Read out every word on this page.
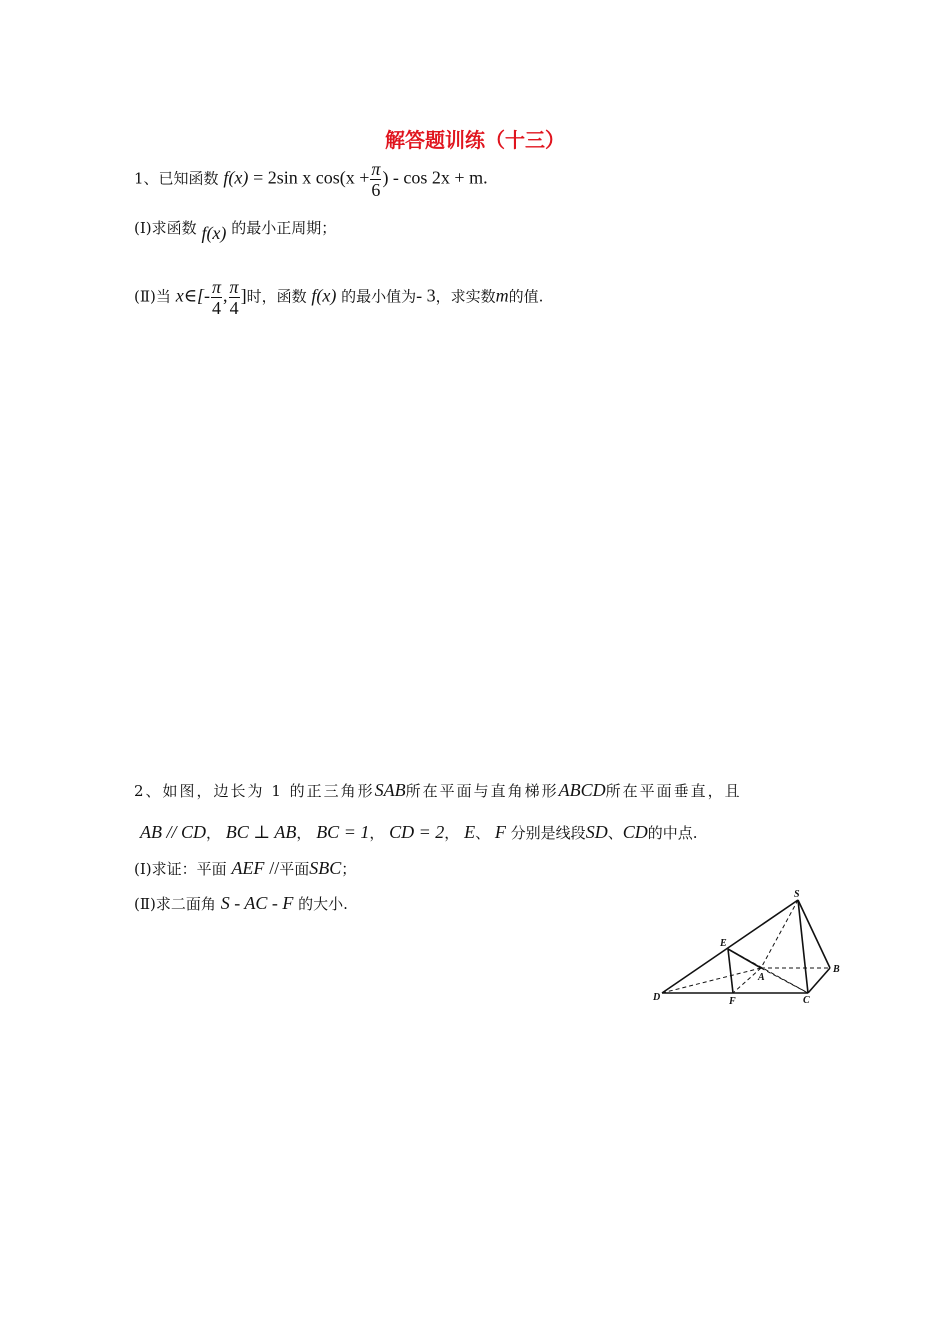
解答题训练（十三）
1、已知函数 f(x) = 2sin x $\cos(x + \frac{\pi}{6}$ ) - cos 2x + m.
(Ⅰ)求函数 f(x) 的最小正周期；
(Ⅱ)当 x∈[- $\frac{\pi}{4}$ , $\frac{\pi}{4}$ ]时，函数 f(x) 的最小值为- 3，求实数m的值.
2、如图，边长为 1 的正三角形SAB所在平面与直角梯形ABCD所在平面垂直，且
AB // CD， BC ⊥ AB， BC = 1， CD = 2， E、 F 分别是线段SD、CD的中点.
(Ⅰ)求证：平面 AEF //平面SBC；
(Ⅱ)求二面角 S - AC - F 的大小.
S
E
A
B
D	F	C
